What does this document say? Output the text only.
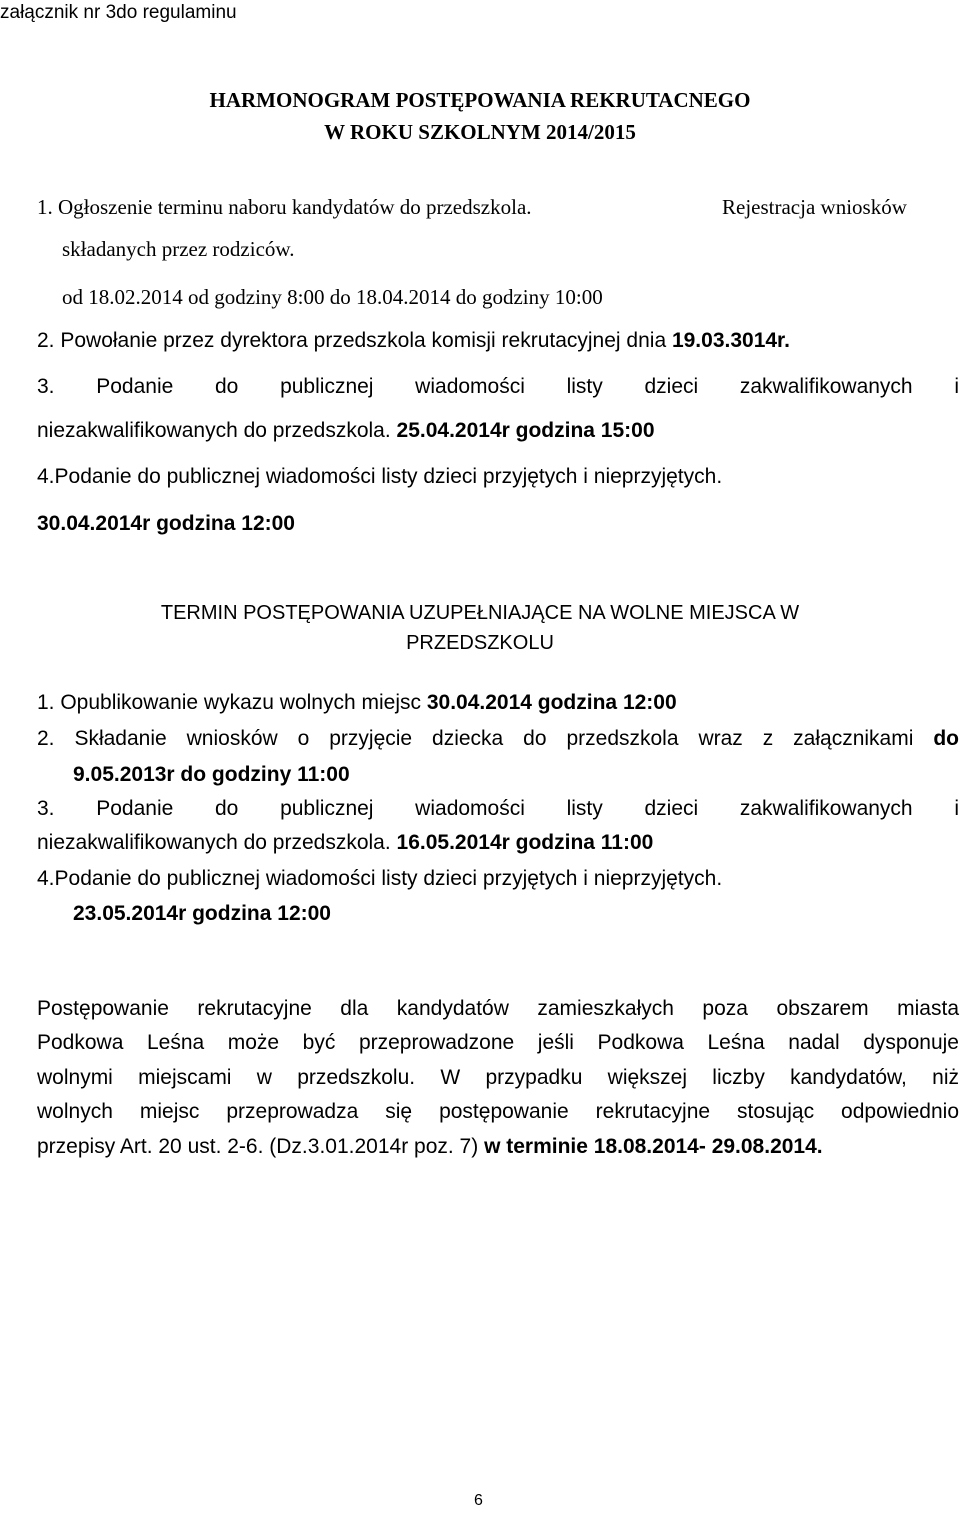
załącznik nr 3do regulaminu
HARMONOGRAM POSTĘPOWANIA REKRUTACNEGO
W ROKU SZKOLNYM 2014/2015
1. Ogłoszenie terminu naboru kandydatów do przedszkola.	Rejestracja wniosków
składanych przez rodziców.
od 18.02.2014 od godziny 8:00 do 18.04.2014 do godziny 10:00
2. Powołanie przez dyrektora przedszkola komisji rekrutacyjnej dnia 19.03.3014r.
3. Podanie do publicznej wiadomości listy dzieci zakwalifikowanych i
niezakwalifikowanych do przedszkola. 25.04.2014r godzina 15:00
4.Podanie do publicznej wiadomości listy dzieci przyjętych i nieprzyjętych.
30.04.2014r godzina 12:00
TERMIN POSTĘPOWANIA UZUPEŁNIAJĄCE NA WOLNE MIEJSCA W
PRZEDSZKOLU
1. Opublikowanie wykazu wolnych miejsc 30.04.2014 godzina 12:00
2. Składanie wniosków o przyjęcie dziecka do przedszkola wraz z załącznikami do
9.05.2013r do godziny 11:00
3. Podanie do publicznej wiadomości listy dzieci zakwalifikowanych i
niezakwalifikowanych do przedszkola. 16.05.2014r godzina 11:00
4.Podanie do publicznej wiadomości listy dzieci przyjętych i nieprzyjętych.
23.05.2014r godzina 12:00
Postępowanie rekrutacyjne dla kandydatów zamieszkałych poza obszarem miasta
Podkowa Leśna może być przeprowadzone jeśli Podkowa Leśna nadal dysponuje
wolnymi miejscami w przedszkolu. W przypadku większej liczby kandydatów, niż
wolnych miejsc przeprowadza się postępowanie rekrutacyjne stosując odpowiednio
przepisy Art. 20 ust. 2-6. (Dz.3.01.2014r poz. 7) w terminie 18.08.2014- 29.08.2014.
6
